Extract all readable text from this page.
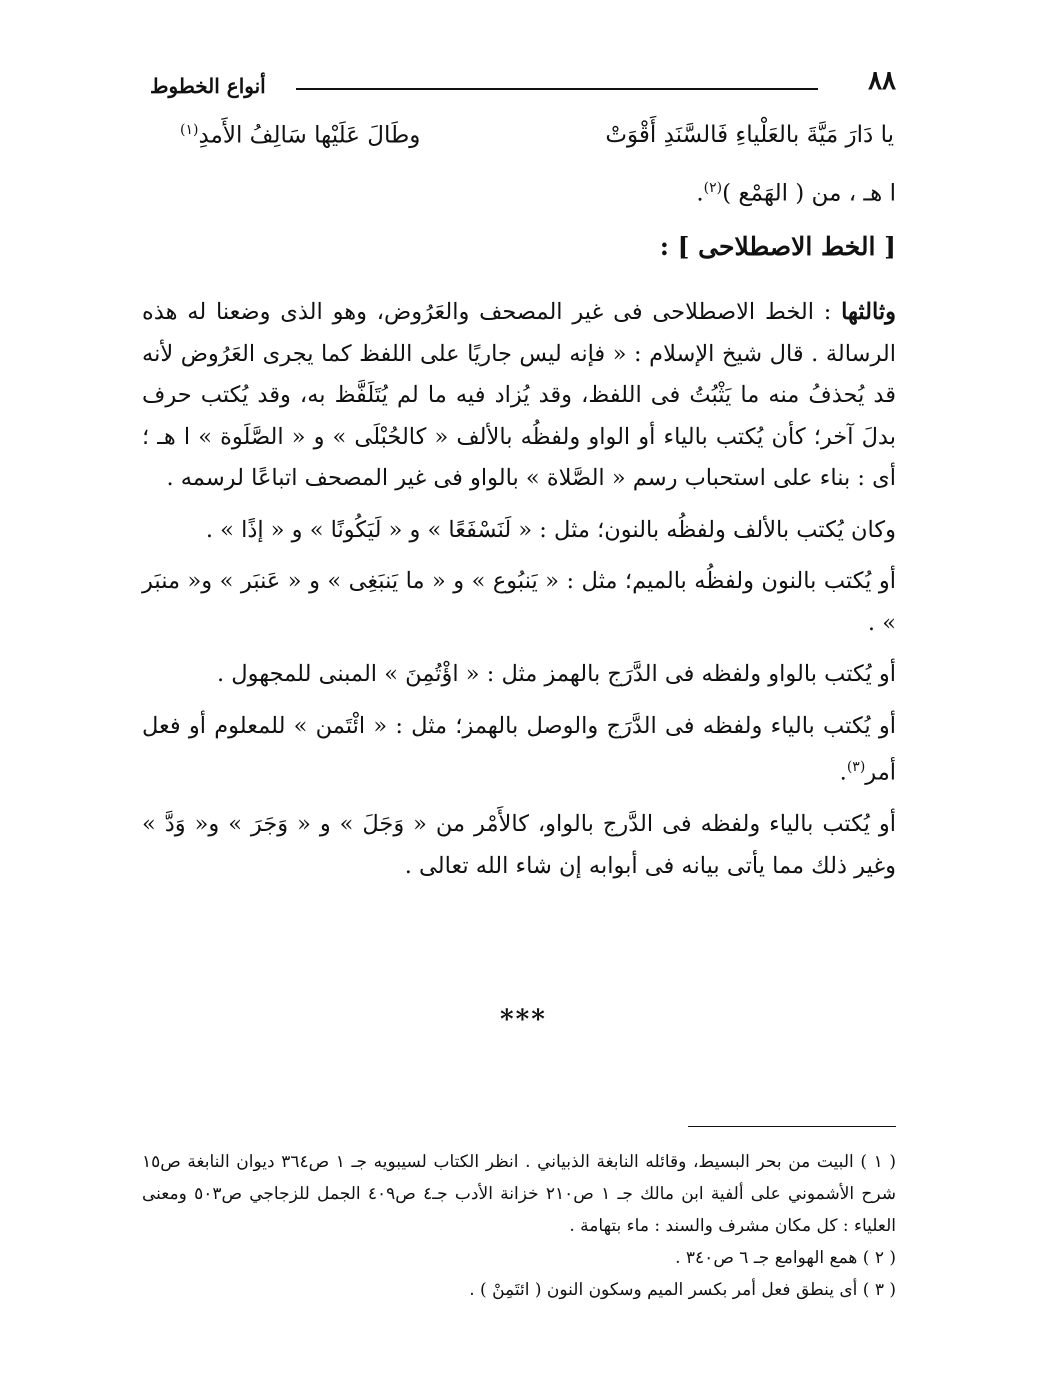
٨٨
أنواع الخطوط
يا دَارَ مَيَّةَ بالعَلْياءِ فَالسَّنَدِ أَقْوَتْ
وطَالَ عَلَيْها سَالِفُ الأَمدِ$^{(١)}$
ا هـ ، من ( الهَمْع )$^{(٢)}$.
[ الخط الاصطلاحى ] :

وثالثها : الخط الاصطلاحى فى غير المصحف والعَرُوض، وهو الذى وضعنا له هذه الرسالة . قال شيخ الإسلام : « فإنه ليس جاريًا على اللفظ كما يجرى العَرُوض لأنه قد يُحذفُ منه ما يَثْبُتُ فى اللفظ، وقد يُزاد فيه ما لم يُتَلَفَّظ به، وقد يُكتب حرف بدلَ آخر؛ كأن يُكتب بالياء أو الواو ولفظُه بالألف « كالحُبْلَى » و « الصَّلَوة » ا هـ ؛ أى : بناء على استحباب رسم « الصَّلاة » بالواو فى غير المصحف اتباعًا لرسمه .

وكان يُكتب بالألف ولفظُه بالنون؛ مثل : « لَنَسْفَعًا » و « لَيَكُونًا » و « إذًا » .

أو يُكتب بالنون ولفظُه بالميم؛ مثل : « يَنبُوع » و « ما يَنبَغِى » و « عَنبَر » و« منبَر » .

أو يُكتب بالواو ولفظه فى الدَّرَج بالهمز مثل : « اؤْتُمِنَ » المبنى للمجهول .

أو يُكتب بالياء ولفظه فى الدَّرَج والوصل بالهمز؛ مثل : « ائْتَمن » للمعلوم أو فعل أمر$^{(٣)}$.

أو يُكتب بالياء ولفظه فى الدَّرج بالواو، كالأَمْر من « وَجَلَ » و « وَجَرَ » و« وَدَّ » وغير ذلك مما يأتى بيانه فى أبوابه إن شاء الله تعالى .

***

( ١ ) البيت من بحر البسيط، وقائله النابغة الذبياني . انظر الكتاب لسيبويه جـ ١ ص٣٦٤ ديوان النابغة ص١٥ شرح الأشموني على ألفية ابن مالك جـ ١ ص٢١٠ خزانة الأدب جـ٤ ص٤٠٩ الجمل للزجاجي ص٥٠٣ ومعنى العلياء : كل مكان مشرف والسند : ماء بتهامة .

( ٢ ) همع الهوامع جـ ٦ ص٣٤٠ .

( ٣ ) أى ينطق فعل أمر بكسر الميم وسكون النون ( ائتَمِنْ ) .
